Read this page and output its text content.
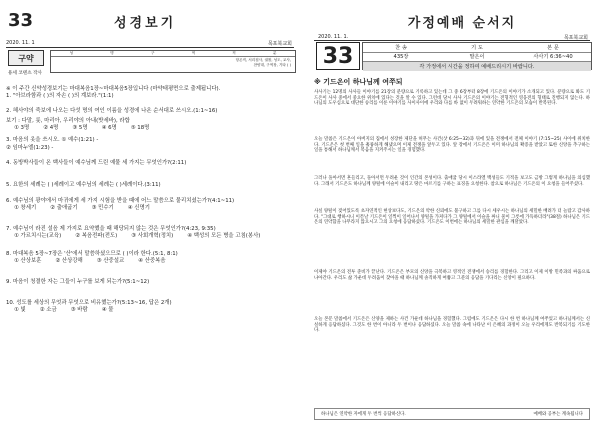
33	성경보기
2020. 11. 1	목포북교회
구약
성	명	구	역	직	분
항존직, 서리집사, 권찰, 성도, 교사,
찬양대, 구역장, 기타 ( )
용세 코텐츠 작사
※ 이 주간 신약성경보기는 마대복음1장~마대복음5장입니다 (마약태평면으로 출제됩니다).
1. "아브라함과 ( )의 자손 ( )의 계보라."(1:1)
2. 헤사야의 죽보에 나오는 다섯 명의 여인 이름을 성경에 나온 순서대로 쓰시오.(1:1~16)
보기 : 다말, 룻, 마리아, 우리야의 아내(밧세바), 라합
① 3명	② 4명	③ 5명	④ 6명	⑤ 18명
3. 마음의 옷을 쓰시오. ① 예수(1:21) -
② 임마누엘(1:23) -
4. 동방박사들이 온 백사들이 예수님께 드린 예물 세 가지는 무엇인가?(2:11)
5. 요한의 세례는 ( )세례이고 예수님의 세례는 ( )세례이다.(3:11)
6. 예수님의 광야에서 마귀에게 세 가지 시험을 받을 때에 어느 말씀으로 물리치셨는가?(4:1~11)
① 창세기	② 출애굽기	③ 민수기	④ 신명기
7. 예수님이 라진 설음 제 가지로 요약했을 때 해당되지 않는 것은 무엇인가?(4:23, 9:35)
① 가르치시는(교육)	② 복음전파(전도)	③ 사회개혁(정치)	④ 백성의 모든 병을 고침(봉사)
8. 마대복음 5장~7장은 '산'에서 말씀하셨으므로 ( )이라 한다.(5:1, 8:1)
① 산상보훈	② 산상강해	③ 산중설교	④ 산중복음
9. 마음이 청결한 자는 그들이 누구를 보게 되는가?(5:1~12)
10. 성도를 세상의 무엇과 무엇으로 비유했는가?(5:13~16, 답은 2개)
① 빛	② 소금	③ 바람	④ 물
가정예배 순서지
2020. 11. 1.	목포북교회
33	찬 송	기 도	본 문
435장	말은이	사사기 6:36~40
각 가정에서 시간을 정하여 예배드리시기 바랍니다.
※ 기드온이 하나님께 여쭈되
사사기는 12명의 사사들 이야기를 21장의 분량으로 기록하고 있는데 그 중 6장부터 8장에 기드온의 이야기가 소개되고 있다. 분량으로 봐도 기드온이 사사 중에서 중요한 위치에 있다는 것을 알 수 있다. 그런데 당시 사사 기드온의 이야기는 전형적인 영웅전의 형태로 진행되지 않는다. 하나님의 도우심으로 대단한 승리를 이룬 이야기를 사이사이에 우리와 다를 바 없이 두려워하는 연약한 기드온의 모습이 반복된다.
오늘 말씀은 기드온이 아버지의 집에서 성장한 제단을 허무는 사건(삿 6:25~32)과 뒤에 있을 전쟁에서 전체 이야기 (7:15~25) 사이에 위치한다. 기드온은 첫 번째 일을 훌륭하게 해냈으며 이제 전쟁을 앞두고 있다. 앞 장에서 기드온은 이미 하나님의 확증을 받았고 또한 신앙을 추구하는 일을 통해서 하나님께서 복음을 지켜주시는 일을 경험했다.
그러나 돌아서면 흔들리고, 돌아서면 두려운 것이 인간의 본성이다. 출애굽 당시 이스라엘 백성들도 기적을 보고도 금방 그렇게 하나님을 의심했다. 그래서 기드온도 하나님께 양털에 이슬이 내리고 땅은 마르기를 구하는 표징을 요청한다. 참으로 하나님은 기드온의 이 요청을 들어주셨다.
사실 양털이 젖어있도록 초자연적인 현상보다도, 기드온의 약한 신뢰에도 불구하고 그를 다시 세우시는 하나님의 세밀한 배려가 더 놀랍고 감사하다. "그대로 행하시니 이튿날 기드온이 일찍이 일어나서 양털을 가져다가 그 양털에서 이슬을 짜니 물이 그릇에 가득하더라"(38절) 하나님은 기드온의 연약함을 나무라지 않으시고 그의 요청에 응답하셨다. 기드온도 이번에는 하나님의 세밀한 관심을 깨달았다.
이제야 기드온의 전투 준비가 끝난다. 기드온은 부모의 신앙을 극복하고 영적인 전쟁에서 승리를 경험한다. 그리고 이제 이방 민족과의 싸움으로 나아간다. 우리도 삶 가운데 두려움이 찾아올 때 하나님께 솔직하게 여쭙고 그분의 응답을 기다리는 신앙이 필요하다.
오늘 본문 말씀에서 기드온은 산양을 제하는 사건 가운데 하나님을 경험했다. 그럼에도 기드온은 다시 한 번 하나님께 여쭈었고 하나님께서는 신실하게 응답하셨다. 그것도 한 번이 아니라 두 번이나 응답하셨다. 오늘 말씀 속에 나타난 이 은혜의 과정이 오늘 우리에게도 반복되기를 기도한다.
하나님은 연약한 자에게 두 번씩 응답하신다.	예배와 공부는 계속됩니다
